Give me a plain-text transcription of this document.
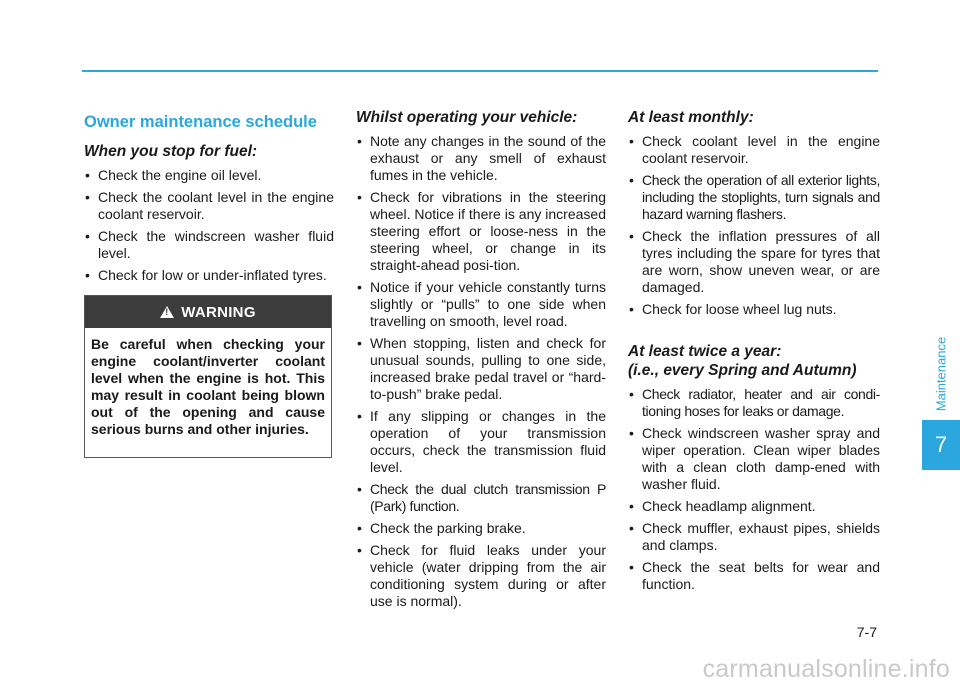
Owner maintenance schedule
When you stop for fuel:
• Check the engine oil level.
• Check the coolant level in the engine coolant reservoir.
• Check the windscreen washer fluid level.
• Check for low or under-inflated tyres.
!
WARNING
Be careful when checking your engine coolant/inverter coolant level when the engine is hot. This may result in coolant being blown out of the opening and cause serious burns and other injuries.
Whilst operating your vehicle:
• Note any changes in the sound of the exhaust or any smell of exhaust fumes in the vehicle.
• Check for vibrations in the steering wheel. Notice if there is any increased steering effort or loose-ness in the steering wheel, or change in its straight-ahead posi-tion.
• Notice if your vehicle constantly turns slightly or “pulls” to one side when travelling on smooth, level road.
• When stopping, listen and check for unusual sounds, pulling to one side, increased brake pedal travel or “hard-to-push” brake pedal.
• If any slipping or changes in the operation of your transmission occurs, check the transmission fluid level.
• Check the dual clutch transmission P (Park) function.
• Check the parking brake.
• Check for fluid leaks under your vehicle (water dripping from the air conditioning system during or after use is normal).
At least monthly:
• Check coolant level in the engine coolant reservoir.
• Check the operation of all exterior lights, including the stoplights, turn signals and hazard warning flashers.
• Check the inflation pressures of all tyres including the spare for tyres that are worn, show uneven wear, or are damaged.
• Check for loose wheel lug nuts.
At least twice a year:
(i.e., every Spring and Autumn)
• Check radiator, heater and air condi-tioning hoses for leaks or damage.
• Check windscreen washer spray and wiper operation. Clean wiper blades with a clean cloth damp-ened with washer fluid.
• Check headlamp alignment.
• Check muffler, exhaust pipes, shields and clamps.
• Check the seat belts for wear and function.
Maintenance
7
7-7
carmanualsonline.info
